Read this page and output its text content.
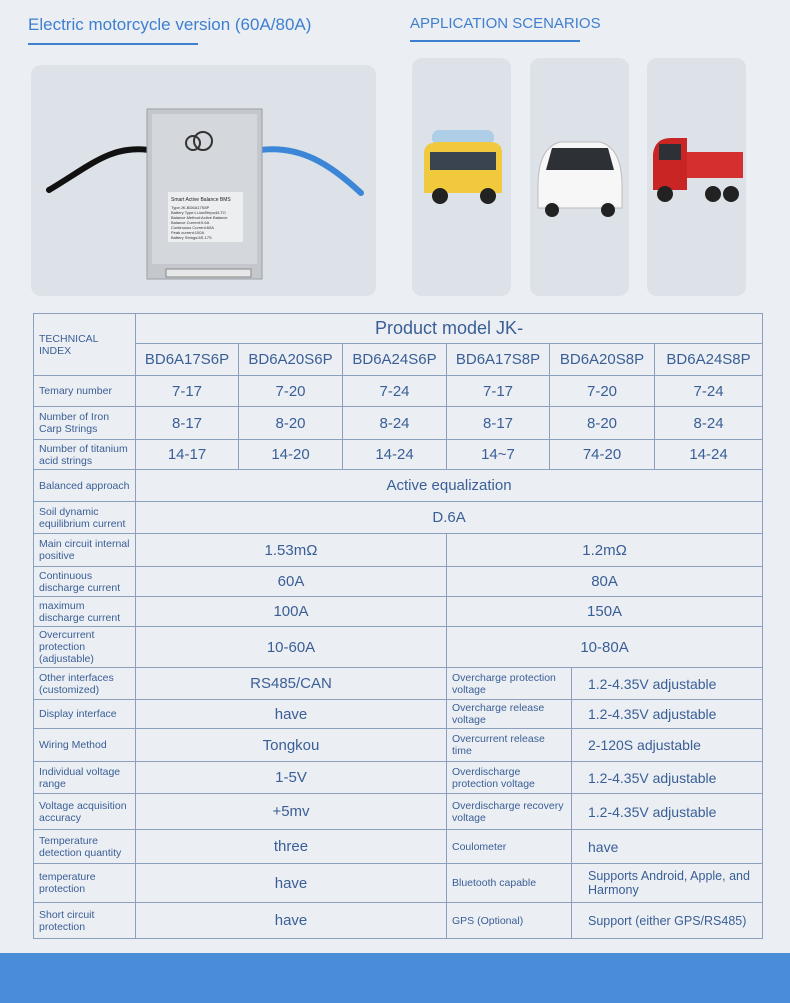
Electric motorcycle version (60A/80A)	APPLICATION SCENARIOS
Smart Active Balance BMS
Type:JK-BD6A17S8P
Battery Type:Li-ion/lifepo4/LTO
Balance Method:Active Balance
Balance Current:0.6A
Continuous Current:60A
Peak current:100A
Battery Strings:8S-17S
TECHNICAL INDEX	Product model JK-						
	BD6A17S6P	BD6A20S6P	BD6A24S6P	BD6A17S8P	BD6A20S8P		BD6A24S8P
Temary number	7-17	7-20	7-24	7-17	7-20		7-24
Number of Iron Carp Strings	8-17	8-20	8-24	8-17	8-20		8-24
Number of titanium acid strings	14-17	14-20	14-24	14~7	74-20		14-24
Balanced approach	Active equalization						
Soil dynamic equilibrium current	D.6A						
Main circuit internal positive	1.53mΩ			1.2mΩ			
Continuous discharge current	60A			80A			
maximum discharge current	100A			150A			
Overcurrent protection (adjustable)	10-60A			10-80A			
Other interfaces (customized)	RS485/CAN			Overcharge protection voltage		1.2-4.35V adjustable	
Display interface	have			Overcharge release voltage		1.2-4.35V adjustable	
Wiring Method	Tongkou			Overcurrent release time		2-120S adjustable	
Individual voltage range	1-5V			Overdischarge protection voltage		1.2-4.35V adjustable	
Voltage acquisition accuracy	+5mv			Overdischarge recovery voltage		1.2-4.35V adjustable	
Temperature detection quantity	three			Coulometer		have	
temperature protection	have			Bluetooth capable		Supports Android, Apple, and Harmony	
Short circuit protection	have			GPS (Optional)		Support (either GPS/RS485)	
